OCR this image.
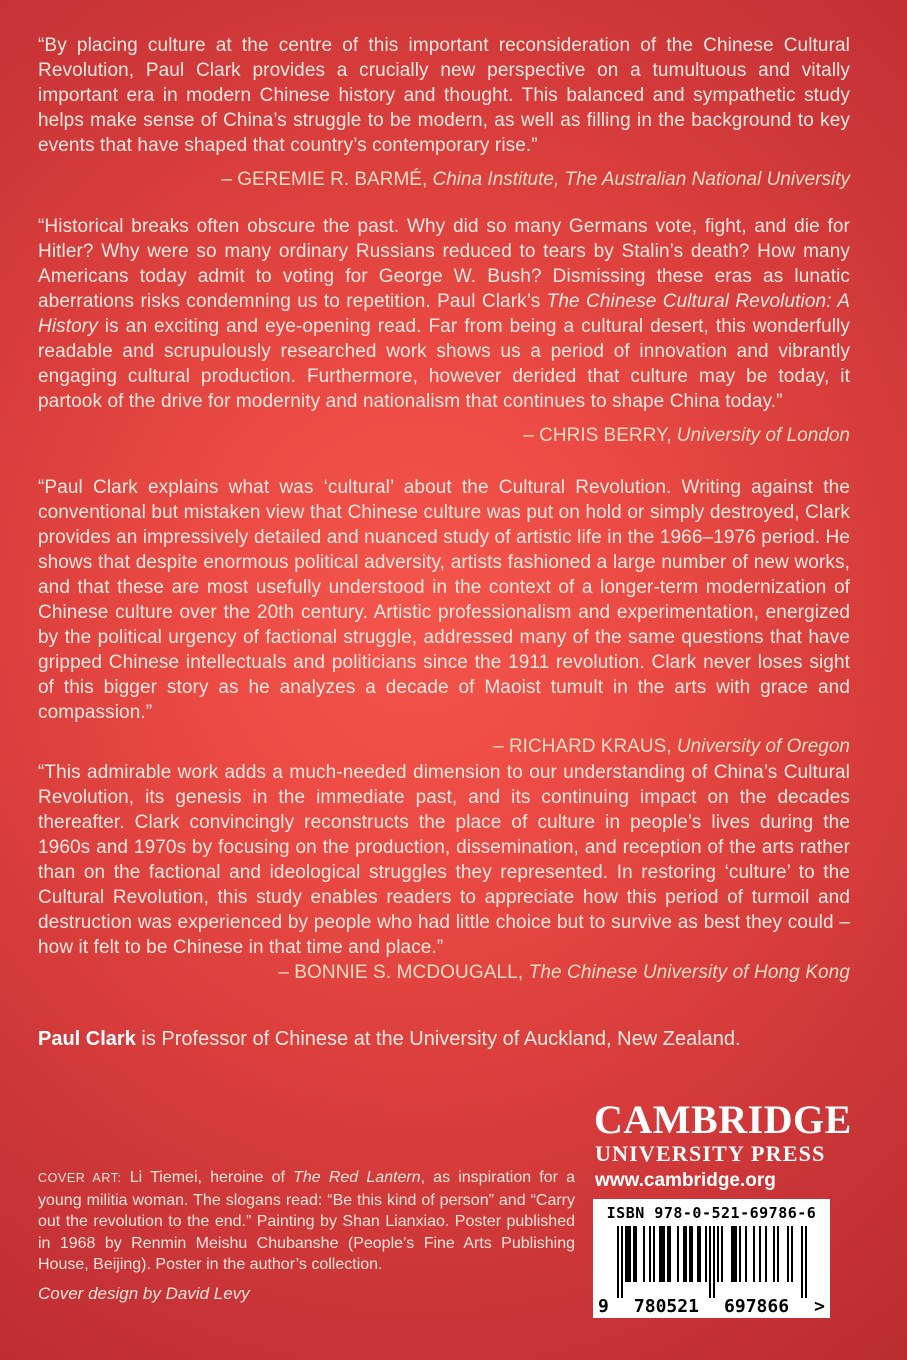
“By placing culture at the centre of this important reconsideration of the Chinese Cultural Revolution, Paul Clark provides a crucially new perspective on a tumultuous and vitally important era in modern Chinese history and thought. This balanced and sympathetic study helps make sense of China’s struggle to be modern, as well as filling in the background to key events that have shaped that country’s contemporary rise.”

– GEREMIE R. BARMÉ, China Institute, The Australian National University

“Historical breaks often obscure the past. Why did so many Germans vote, fight, and die for Hitler? Why were so many ordinary Russians reduced to tears by Stalin’s death? How many Americans today admit to voting for George W. Bush? Dismissing these eras as lunatic aberrations risks condemning us to repetition. Paul Clark’s The Chinese Cultural Revolution: A History is an exciting and eye-opening read. Far from being a cultural desert, this wonderfully readable and scrupulously researched work shows us a period of innovation and vibrantly engaging cultural production. Furthermore, however derided that culture may be today, it partook of the drive for modernity and nationalism that continues to shape China today.”

– CHRIS BERRY, University of London

“Paul Clark explains what was ‘cultural’ about the Cultural Revolution. Writing against the conventional but mistaken view that Chinese culture was put on hold or simply destroyed, Clark provides an impressively detailed and nuanced study of artistic life in the 1966–1976 period. He shows that despite enormous political adversity, artists fashioned a large number of new works, and that these are most usefully understood in the context of a longer-term modernization of Chinese culture over the 20th century. Artistic professionalism and experimentation, energized by the political urgency of factional struggle, addressed many of the same questions that have gripped Chinese intellectuals and politicians since the 1911 revolution. Clark never loses sight of this bigger story as he analyzes a decade of Maoist tumult in the arts with grace and compassion.”

– RICHARD KRAUS, University of Oregon

“This admirable work adds a much-needed dimension to our understanding of China’s Cultural Revolution, its genesis in the immediate past, and its continuing impact on the decades thereafter. Clark convincingly reconstructs the place of culture in people’s lives during the 1960s and 1970s by focusing on the production, dissemination, and reception of the arts rather than on the factional and ideological struggles they represented. In restoring ‘culture’ to the Cultural Revolution, this study enables readers to appreciate how this period of turmoil and destruction was experienced by people who had little choice but to survive as best they could – how it felt to be Chinese in that time and place.”
– BONNIE S. MCDOUGALL, The Chinese University of Hong Kong

Paul Clark is Professor of Chinese at the University of Auckland, New Zealand.

CAMBRIDGE

UNIVERSITY PRESS

www.cambridge.org

COVER ART: Li Tiemei, heroine of The Red Lantern, as inspiration for a young militia woman. The slogans read: “Be this kind of person” and “Carry out the revolution to the end.” Painting by Shan Lianxiao. Poster published in 1968 by Renmin Meishu Chubanshe (People’s Fine Arts Publishing House, Beijing). Poster in the author’s collection.

Cover design by David Levy

ISBN 978-0-521-69786-6
9 780521 697866 >
